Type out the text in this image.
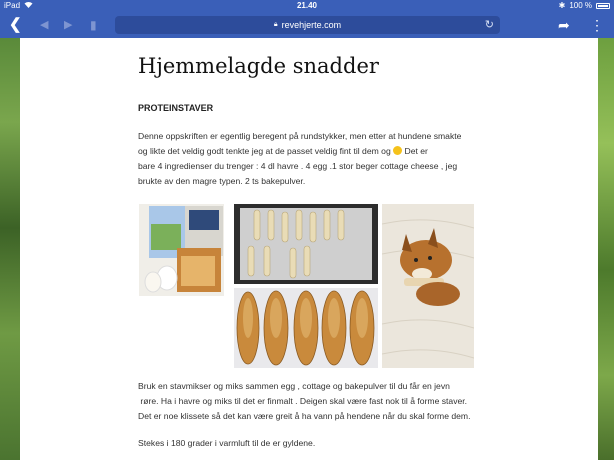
iPad	21.40	✱ 100 %
❮ ◀ ▶ ▮	🔒︎ revehjerte.com	↻	➦ ⋮
Hjemmelagde snadder
PROTEINSTAVER
Denne oppskriften er egentlig beregent på rundstykker, men etter at hundene smakte
og likte det veldig godt tenkte jeg at de passet veldig fint til dem og Det er
bare 4 ingredienser du trenger : 4 dl havre . 4 egg .1 stor beger cottage cheese , jeg
brukte av den magre typen. 2 ts bakepulver.
Bruk en stavmikser og miks sammen egg , cottage og bakepulver til du får en jevn
røre. Ha i havre og miks til det er finmalt . Deigen skal være fast nok til å forme staver.
Det er noe klissete så det kan være greit å ha vann på hendene når du skal forme dem.
Stekes i 180 grader i varmluft til de er gyldene.
